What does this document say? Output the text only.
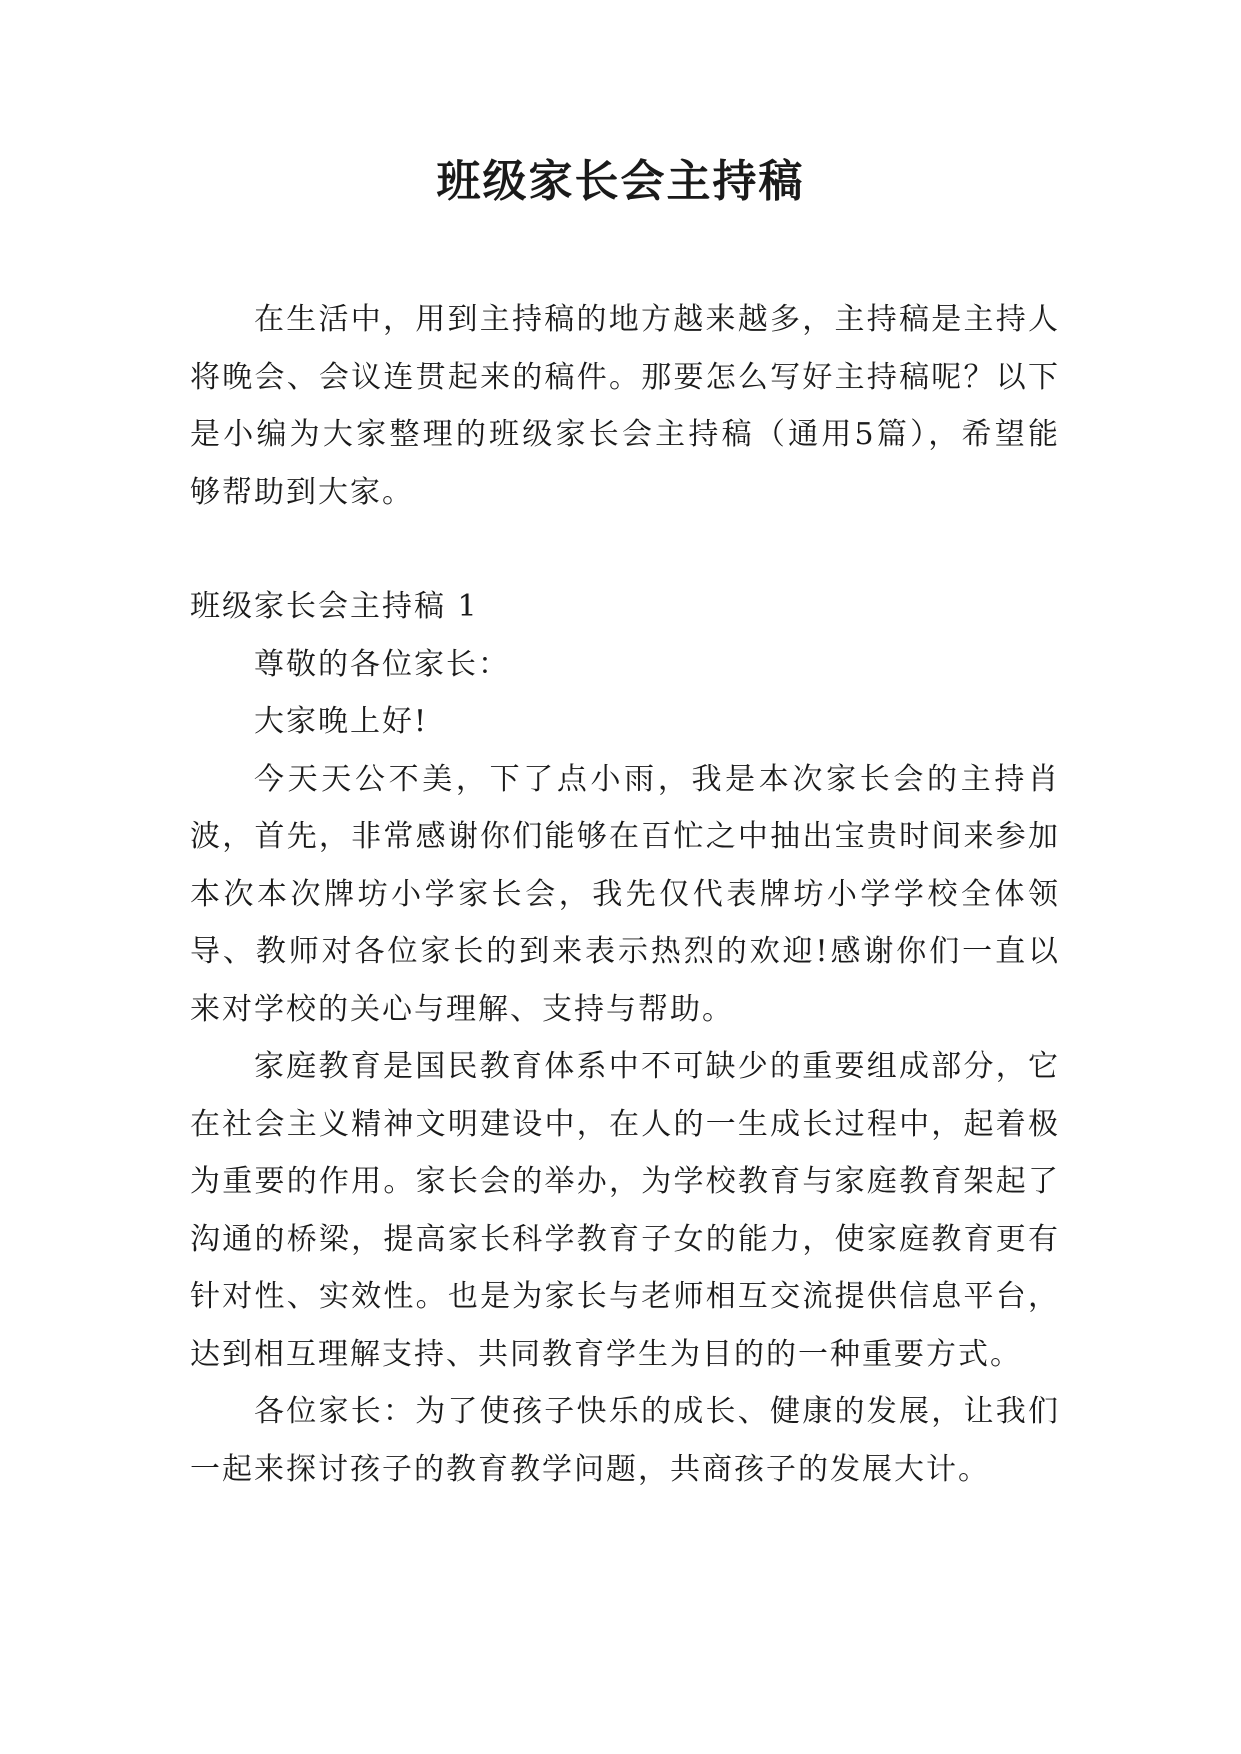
班级家长会主持稿

在生活中，用到主持稿的地方越来越多，主持稿是主持人将晚会、会议连贯起来的稿件。那要怎么写好主持稿呢？以下是小编为大家整理的班级家长会主持稿（通用5篇），希望能够帮助到大家。

班级家长会主持稿 1

尊敬的各位家长：

大家晚上好!

今天天公不美，下了点小雨，我是本次家长会的主持肖波，首先，非常感谢你们能够在百忙之中抽出宝贵时间来参加本次本次牌坊小学家长会，我先仅代表牌坊小学学校全体领导、教师对各位家长的到来表示热烈的欢迎!感谢你们一直以来对学校的关心与理解、支持与帮助。

家庭教育是国民教育体系中不可缺少的重要组成部分，它在社会主义精神文明建设中，在人的一生成长过程中，起着极为重要的作用。家长会的举办，为学校教育与家庭教育架起了沟通的桥梁，提高家长科学教育子女的能力，使家庭教育更有针对性、实效性。也是为家长与老师相互交流提供信息平台，达到相互理解支持、共同教育学生为目的的一种重要方式。

各位家长：为了使孩子快乐的成长、健康的发展，让我们一起来探讨孩子的教育教学问题，共商孩子的发展大计。
